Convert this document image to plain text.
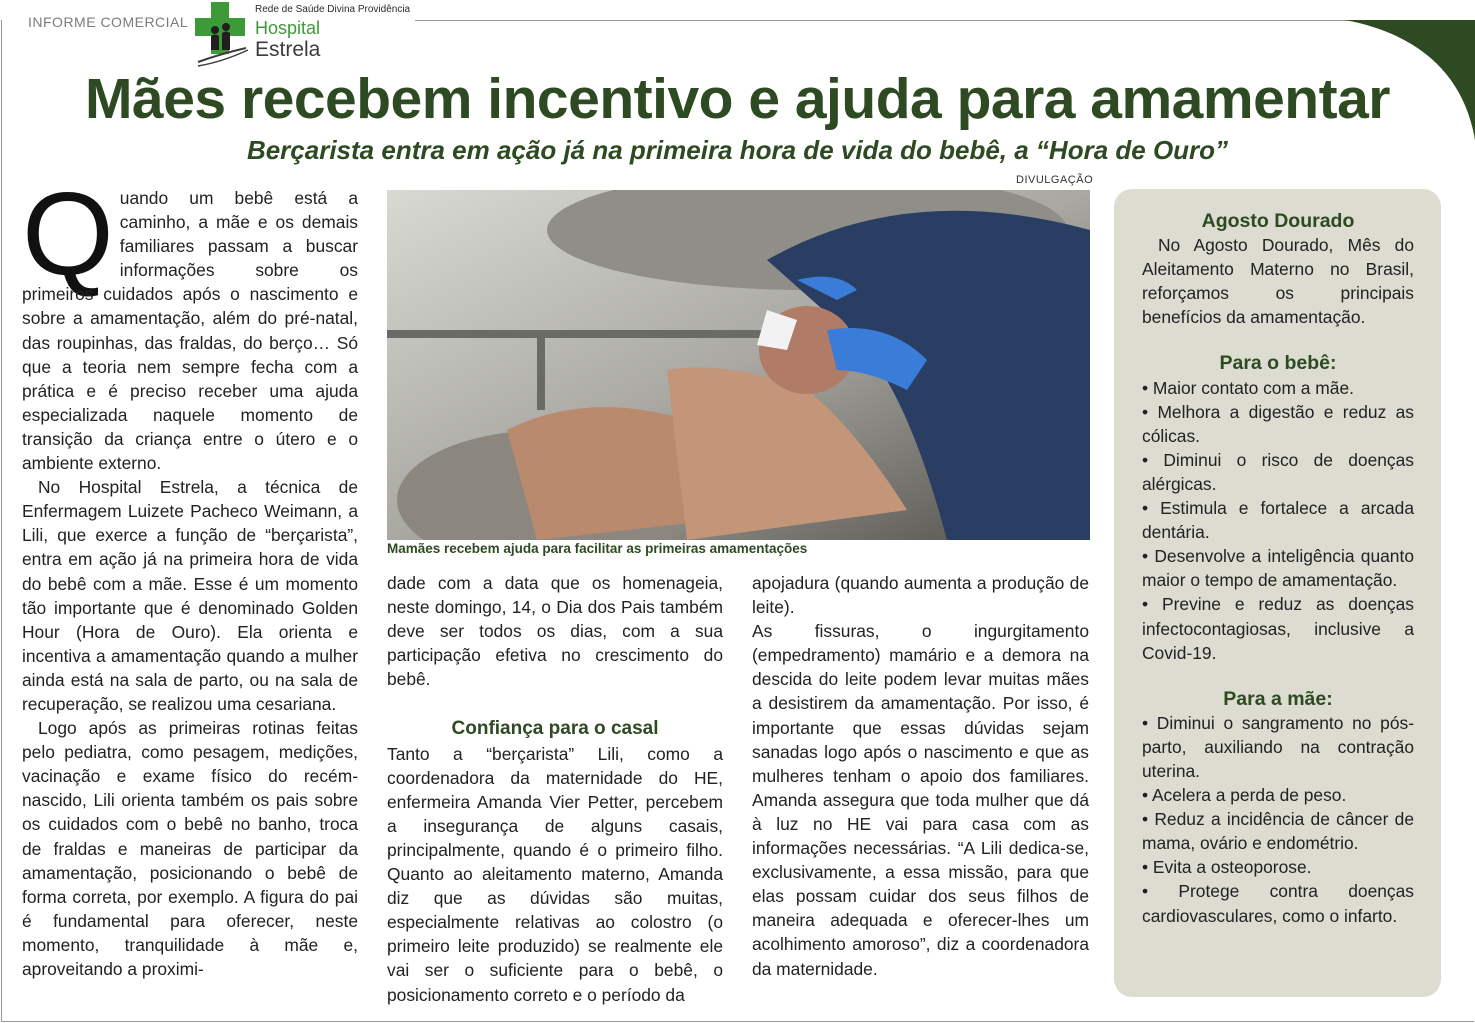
INFORME COMERCIAL
Rede de Saúde Divina Providência
Hospital
Estrela
Mães recebem incentivo e ajuda para amamentar
Berçarista entra em ação já na primeira hora de vida do bebê, a “Hora de Ouro”
DIVULGAÇÃO
Q uando um bebê está a caminho, a mãe e os demais familiares passam a buscar informações sobre os primeiros cuidados após o nascimento e sobre a amamentação, além do pré-natal, das roupinhas, das fraldas, do berço… Só que a teoria nem sempre fecha com a prática e é preciso receber uma ajuda especializada naquele momento de transição da criança entre o útero e o ambiente externo.

No Hospital Estrela, a técnica de Enfermagem Luizete Pacheco Weimann, a Lili, que exerce a função de “berçarista”, entra em ação já na primeira hora de vida do bebê com a mãe. Esse é um momento tão importante que é denominado Golden Hour (Hora de Ouro). Ela orienta e incentiva a amamentação quando a mulher ainda está na sala de parto, ou na sala de recuperação, se realizou uma cesariana.

Logo após as primeiras rotinas feitas pelo pediatra, como pesagem, medições, vacinação e exame físico do recém-nascido, Lili orienta também os pais sobre os cuidados com o bebê no banho, troca de fraldas e maneiras de participar da amamentação, posicionando o bebê de forma correta, por exemplo. A figura do pai é fundamental para oferecer, neste momento, tranquilidade à mãe e, aproveitando a proximi-

Mamães recebem ajuda para facilitar as primeiras amamentações

dade com a data que os homenageia, neste domingo, 14, o Dia dos Pais também deve ser todos os dias, com a sua participação efetiva no crescimento do bebê.

Confiança para o casal

Tanto a “berçarista” Lili, como a coordenadora da maternidade do HE, enfermeira Amanda Vier Petter, percebem a insegurança de alguns casais, principalmente, quando é o primeiro filho. Quanto ao aleitamento materno, Amanda diz que as dúvidas são muitas, especialmente relativas ao colostro (o primeiro leite produzido) se realmente ele vai ser o suficiente para o bebê, o posicionamento correto e o período da

apojadura (quando aumenta a produção de leite).

As fissuras, o ingurgitamento (empedramento) mamário e a demora na descida do leite podem levar muitas mães a desistirem da amamentação. Por isso, é importante que essas dúvidas sejam sanadas logo após o nascimento e que as mulheres tenham o apoio dos familiares. Amanda assegura que toda mulher que dá à luz no HE vai para casa com as informações necessárias. “A Lili dedica-se, exclusivamente, a essa missão, para que elas possam cuidar dos seus filhos de maneira adequada e oferecer-lhes um acolhimento amoroso”, diz a coordenadora da maternidade.

Agosto Dourado

No Agosto Dourado, Mês do Aleitamento Materno no Brasil, reforçamos os principais benefícios da amamentação.

Para o bebê:

• Maior contato com a mãe.

• Melhora a digestão e reduz as cólicas.

• Diminui o risco de doenças alérgicas.

• Estimula e fortalece a arcada dentária.

• Desenvolve a inteligência quanto maior o tempo de amamentação.

• Previne e reduz as doenças infectocontagiosas, inclusive a Covid-19.

Para a mãe:

• Diminui o sangramento no pós-parto, auxiliando na contração uterina.

• Acelera a perda de peso.

• Reduz a incidência de câncer de mama, ovário e endométrio.

• Evita a osteoporose.

• Protege contra doenças cardiovasculares, como o infarto.
